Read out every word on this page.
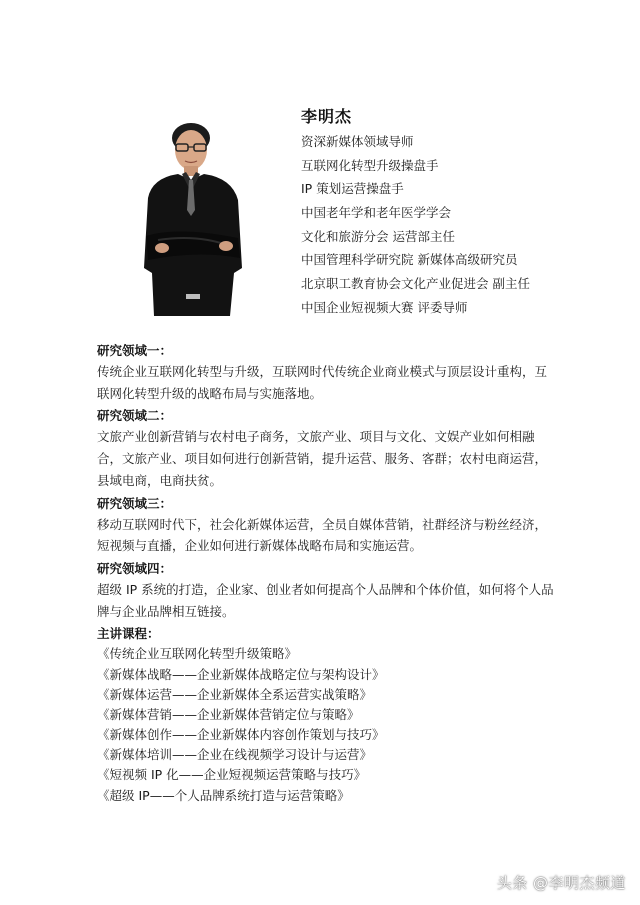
李明杰
资深新媒体领域导师
互联网化转型升级操盘手
IP 策划运营操盘手
中国老年学和老年医学学会
文化和旅游分会 运营部主任
中国管理科学研究院 新媒体高级研究员
北京职工教育协会文化产业促进会 副主任
中国企业短视频大赛 评委导师
研究领域一：

传统企业互联网化转型与升级，互联网时代传统企业商业模式与顶层设计重构，互联网化转型升级的战略布局与实施落地。

研究领域二：

文旅产业创新营销与农村电子商务，文旅产业、项目与文化、文娱产业如何相融合，文旅产业、项目如何进行创新营销，提升运营、服务、客群；农村电商运营，县域电商，电商扶贫。

研究领域三：

移动互联网时代下，社会化新媒体运营，全员自媒体营销，社群经济与粉丝经济，短视频与直播，企业如何进行新媒体战略布局和实施运营。

研究领域四：

超级 IP 系统的打造，企业家、创业者如何提高个人品牌和个体价值，如何将个人品牌与企业品牌相互链接。

主讲课程：
《传统企业互联网化转型升级策略》
《新媒体战略——企业新媒体战略定位与架构设计》
《新媒体运营——企业新媒体全系运营实战策略》
《新媒体营销——企业新媒体营销定位与策略》
《新媒体创作——企业新媒体内容创作策划与技巧》
《新媒体培训——企业在线视频学习设计与运营》
《短视频 IP 化——企业短视频运营策略与技巧》
《超级 IP——个人品牌系统打造与运营策略》
头条 @李明杰频道
